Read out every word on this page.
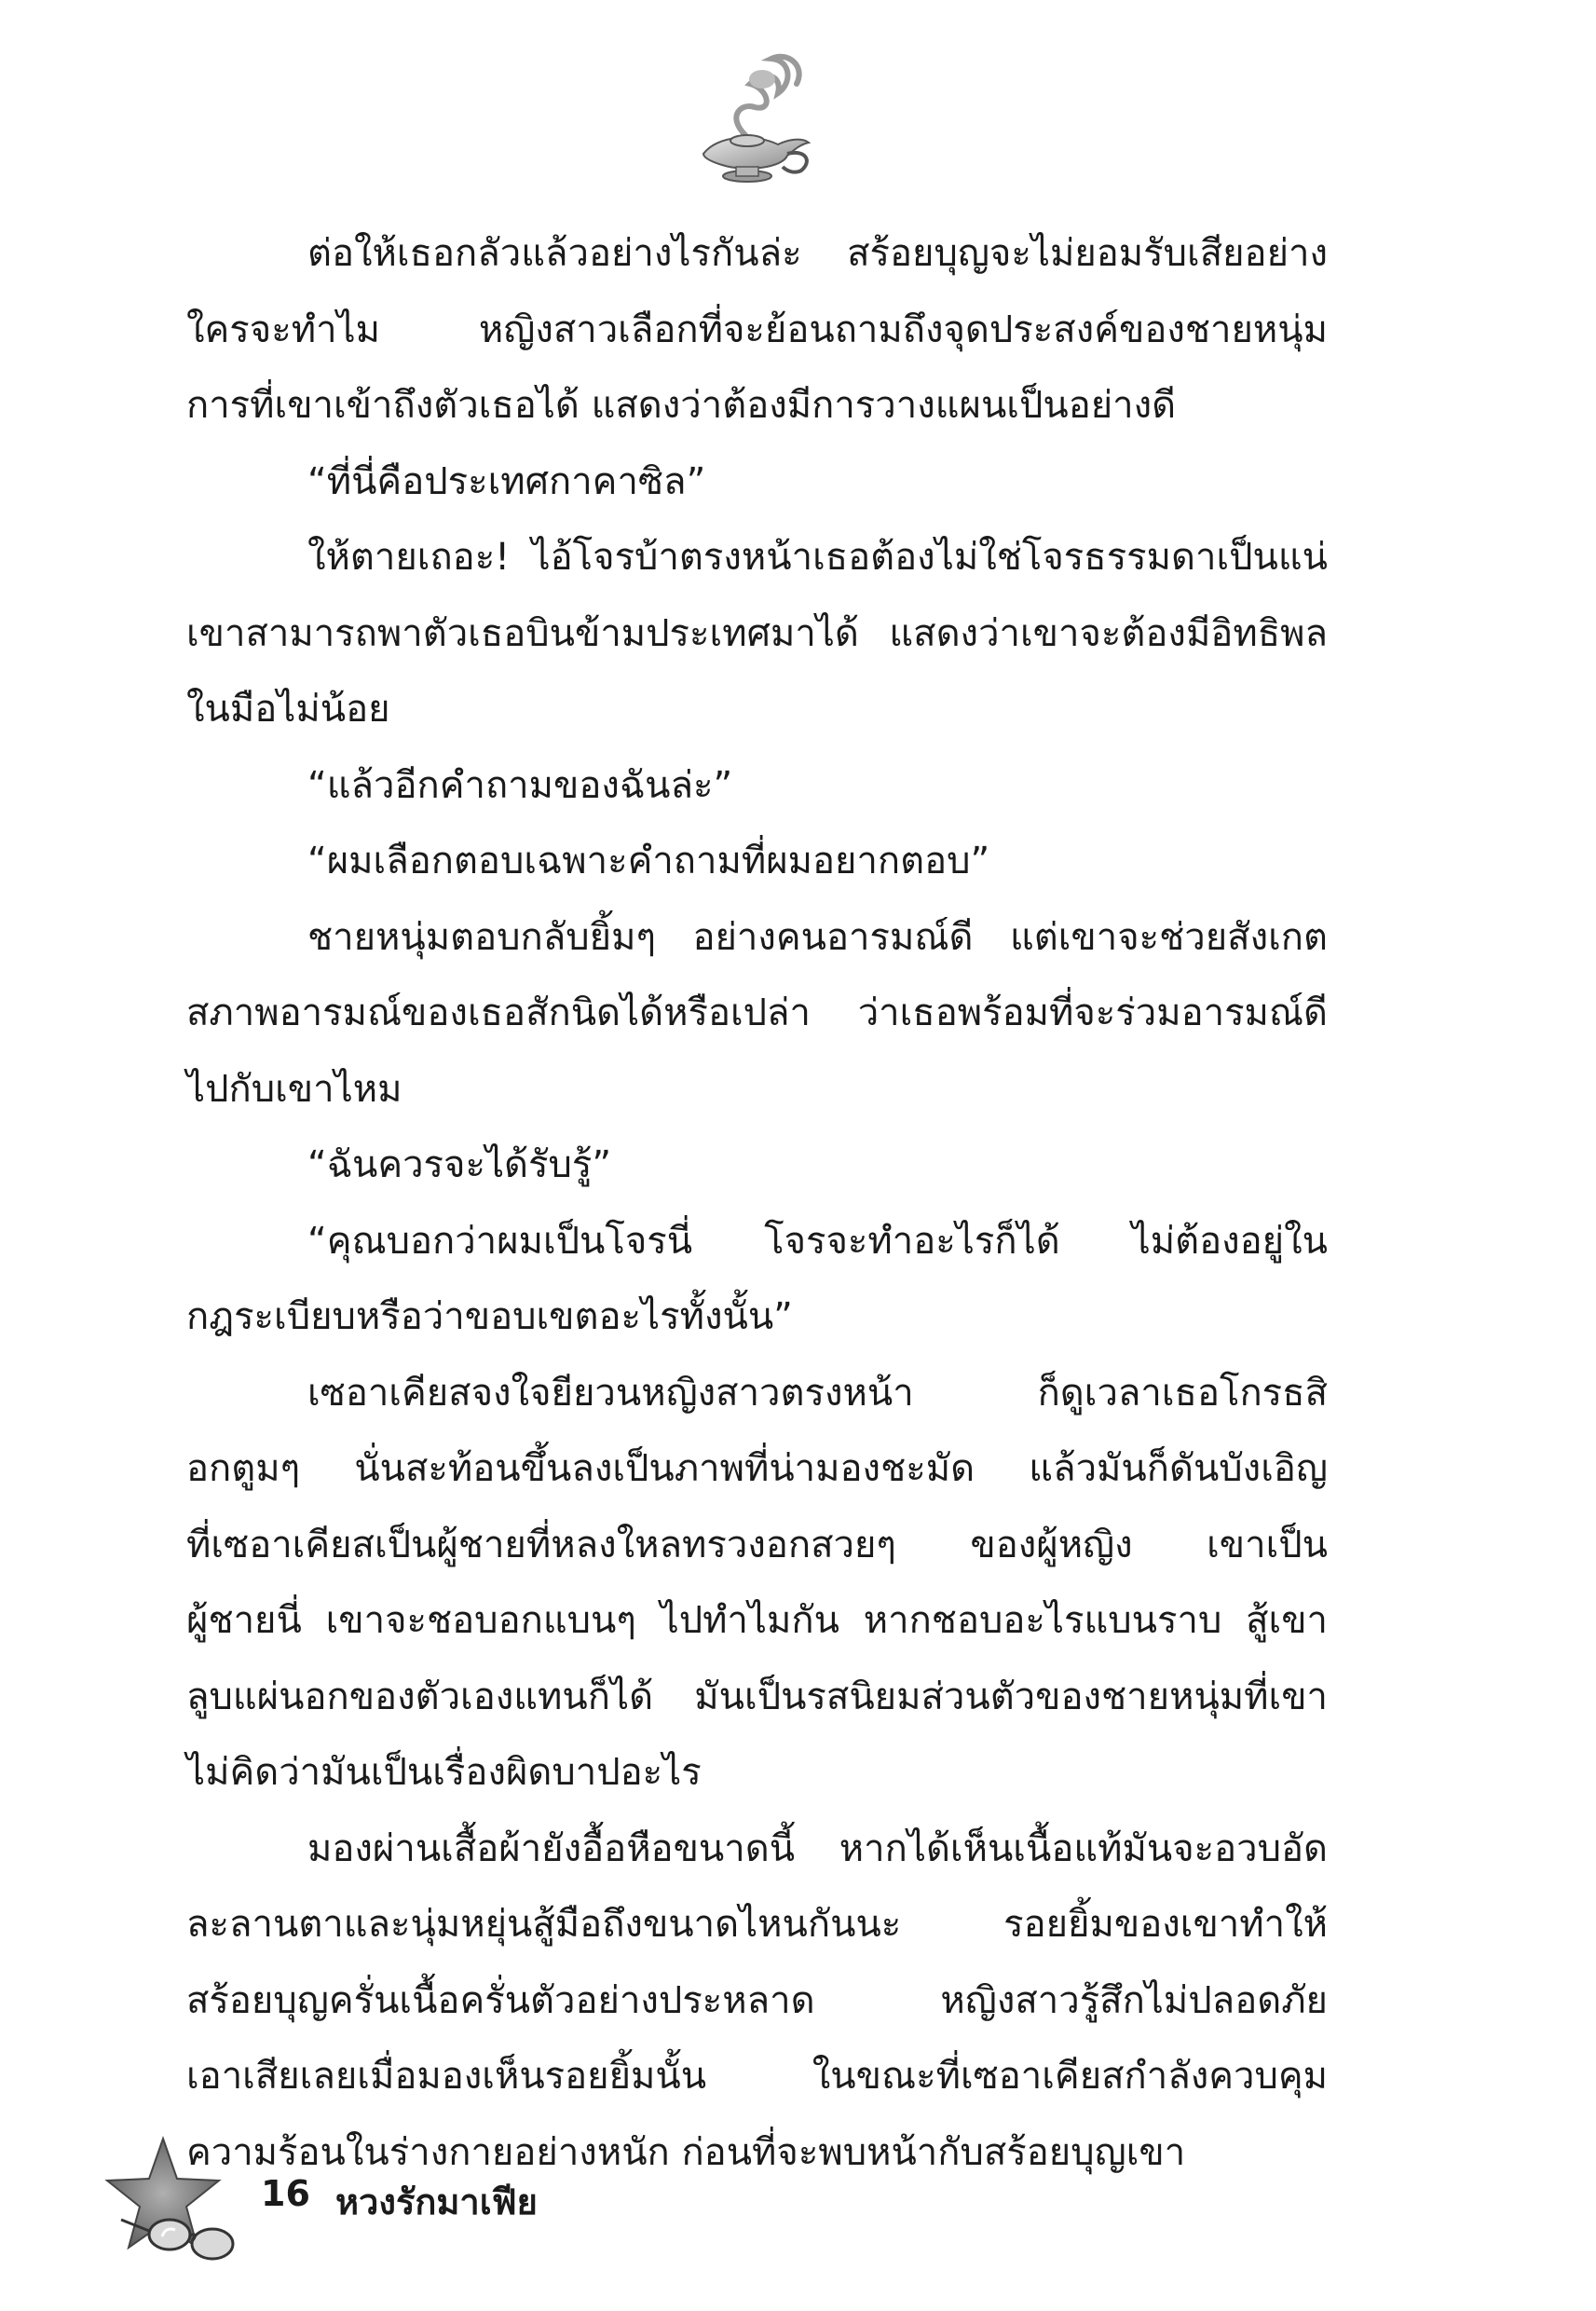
ต่อให้เธอกลัวแล้วอย่างไรกันล่ะ สร้อยบุญจะไม่ยอมรับเสียอย่าง
ใครจะทำไม หญิงสาวเลือกที่จะย้อนถามถึงจุดประสงค์ของชายหนุ่ม
การที่เขาเข้าถึงตัวเธอได้ แสดงว่าต้องมีการวางแผนเป็นอย่างดี
“ที่นี่คือประเทศกาคาซิล”
ให้ตายเถอะ! ไอ้โจรบ้าตรงหน้าเธอต้องไม่ใช่โจรธรรมดาเป็นแน่
เขาสามารถพาตัวเธอบินข้ามประเทศมาได้ แสดงว่าเขาจะต้องมีอิทธิพล
ในมือไม่น้อย
“แล้วอีกคำถามของฉันล่ะ”
“ผมเลือกตอบเฉพาะคำถามที่ผมอยากตอบ”
ชายหนุ่มตอบกลับยิ้มๆ อย่างคนอารมณ์ดี แต่เขาจะช่วยสังเกต
สภาพอารมณ์ของเธอสักนิดได้หรือเปล่า ว่าเธอพร้อมที่จะร่วมอารมณ์ดี
ไปกับเขาไหม
“ฉันควรจะได้รับรู้”
“คุณบอกว่าผมเป็นโจรนี่ โจรจะทำอะไรก็ได้ ไม่ต้องอยู่ใน
กฎระเบียบหรือว่าขอบเขตอะไรทั้งนั้น”
เซอาเคียสจงใจยียวนหญิงสาวตรงหน้า ก็ดูเวลาเธอโกรธสิ
อกตูมๆ นั่นสะท้อนขึ้นลงเป็นภาพที่น่ามองชะมัด แล้วมันก็ดันบังเอิญ
ที่เซอาเคียสเป็นผู้ชายที่หลงใหลทรวงอกสวยๆ ของผู้หญิง เขาเป็น
ผู้ชายนี่ เขาจะชอบอกแบนๆ ไปทำไมกัน หากชอบอะไรแบนราบ สู้เขา
ลูบแผ่นอกของตัวเองแทนก็ได้ มันเป็นรสนิยมส่วนตัวของชายหนุ่มที่เขา
ไม่คิดว่ามันเป็นเรื่องผิดบาปอะไร
มองผ่านเสื้อผ้ายังอื้อหือขนาดนี้ หากได้เห็นเนื้อแท้มันจะอวบอัด
ละลานตาและนุ่มหยุ่นสู้มือถึงขนาดไหนกันนะ รอยยิ้มของเขาทำให้
สร้อยบุญครั่นเนื้อครั่นตัวอย่างประหลาด หญิงสาวรู้สึกไม่ปลอดภัย
เอาเสียเลยเมื่อมองเห็นรอยยิ้มนั้น ในขณะที่เซอาเคียสกำลังควบคุม
ความร้อนในร่างกายอย่างหนัก ก่อนที่จะพบหน้ากับสร้อยบุญเขา
16 หวงรักมาเฟีย
